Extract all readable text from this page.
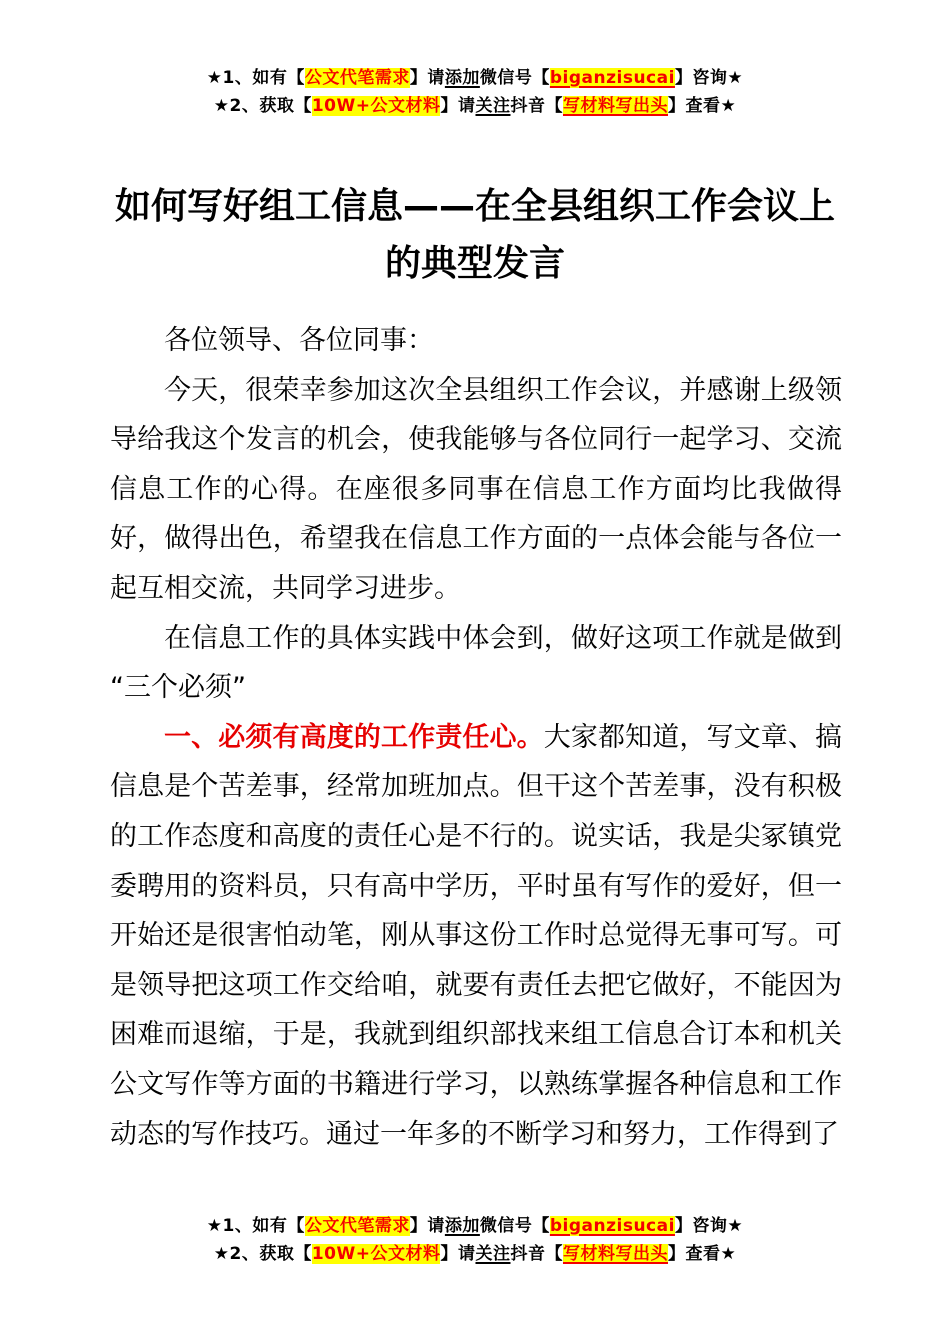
★1、如有【公文代笔需求】请添加微信号【biganzisucai】咨询★
★2、获取【10W+公文材料】请关注抖音【写材料写出头】查看★
如何写好组工信息——在全县组织工作会议上
的典型发言

各位领导、各位同事：

今天，很荣幸参加这次全县组织工作会议，并感谢上级领导给我这个发言的机会，使我能够与各位同行一起学习、交流信息工作的心得。在座很多同事在信息工作方面均比我做得好，做得出色，希望我在信息工作方面的一点体会能与各位一起互相交流，共同学习进步。

在信息工作的具体实践中体会到，做好这项工作就是做到“三个必须”

一、必须有高度的工作责任心。大家都知道，写文章、搞信息是个苦差事，经常加班加点。但干这个苦差事，没有积极的工作态度和高度的责任心是不行的。说实话，我是尖冢镇党委聘用的资料员，只有高中学历，平时虽有写作的爱好，但一开始还是很害怕动笔，刚从事这份工作时总觉得无事可写。可是领导把这项工作交给咱，就要有责任去把它做好，不能因为困难而退缩，于是，我就到组织部找来组工信息合订本和机关公文写作等方面的书籍进行学习，以熟练掌握各种信息和工作动态的写作技巧。通过一年多的不断学习和努力，工作得到了

★1、如有【公文代笔需求】请添加微信号【biganzisucai】咨询★
★2、获取【10W+公文材料】请关注抖音【写材料写出头】查看★
